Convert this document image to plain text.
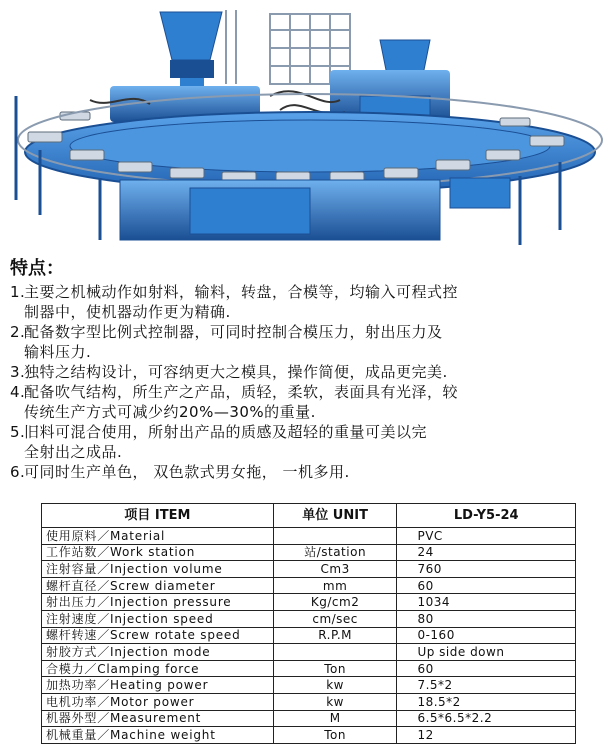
特点：
1.
主要之机械动作如射料，输料，转盘，合模等，均输入可程式控
制器中，使机器动作更为精确.
2.
配备数字型比例式控制器，可同时控制合模压力，射出压力及
输料压力.
3.
独特之结构设计，可容纳更大之模具，操作简便，成品更完美.
4.
配备吹气结构，所生产之产品，质轻，柔软，表面具有光泽，较
传统生产方式可减少约20%—30%的重量.
5.
旧料可混合使用，所射出产品的质感及超轻的重量可美以完
全射出之成品.
6.
可同时生产单色， 双色款式男女拖， 一机多用.
项目 ITEM	单位 UNIT	LD-Y5-24
使用原料／Material		PVC
工作站数／Work station	站/station	24
注射容量／Injection volume	Cm3	760
螺杆直径／Screw diameter	mm	60
射出压力／Injection pressure	Kg/cm2	1034
注射速度／Injection speed	cm/sec	80
螺杆转速／Screw rotate speed	R.P.M	0-160
射胶方式／Injection mode		Up side down
合模力／Clamping force	Ton	60
加热功率／Heating power	kw	7.5*2
电机功率／Motor power	kw	18.5*2
机器外型／Measurement	M	6.5*6.5*2.2
机械重量／Machine weight	Ton	12
